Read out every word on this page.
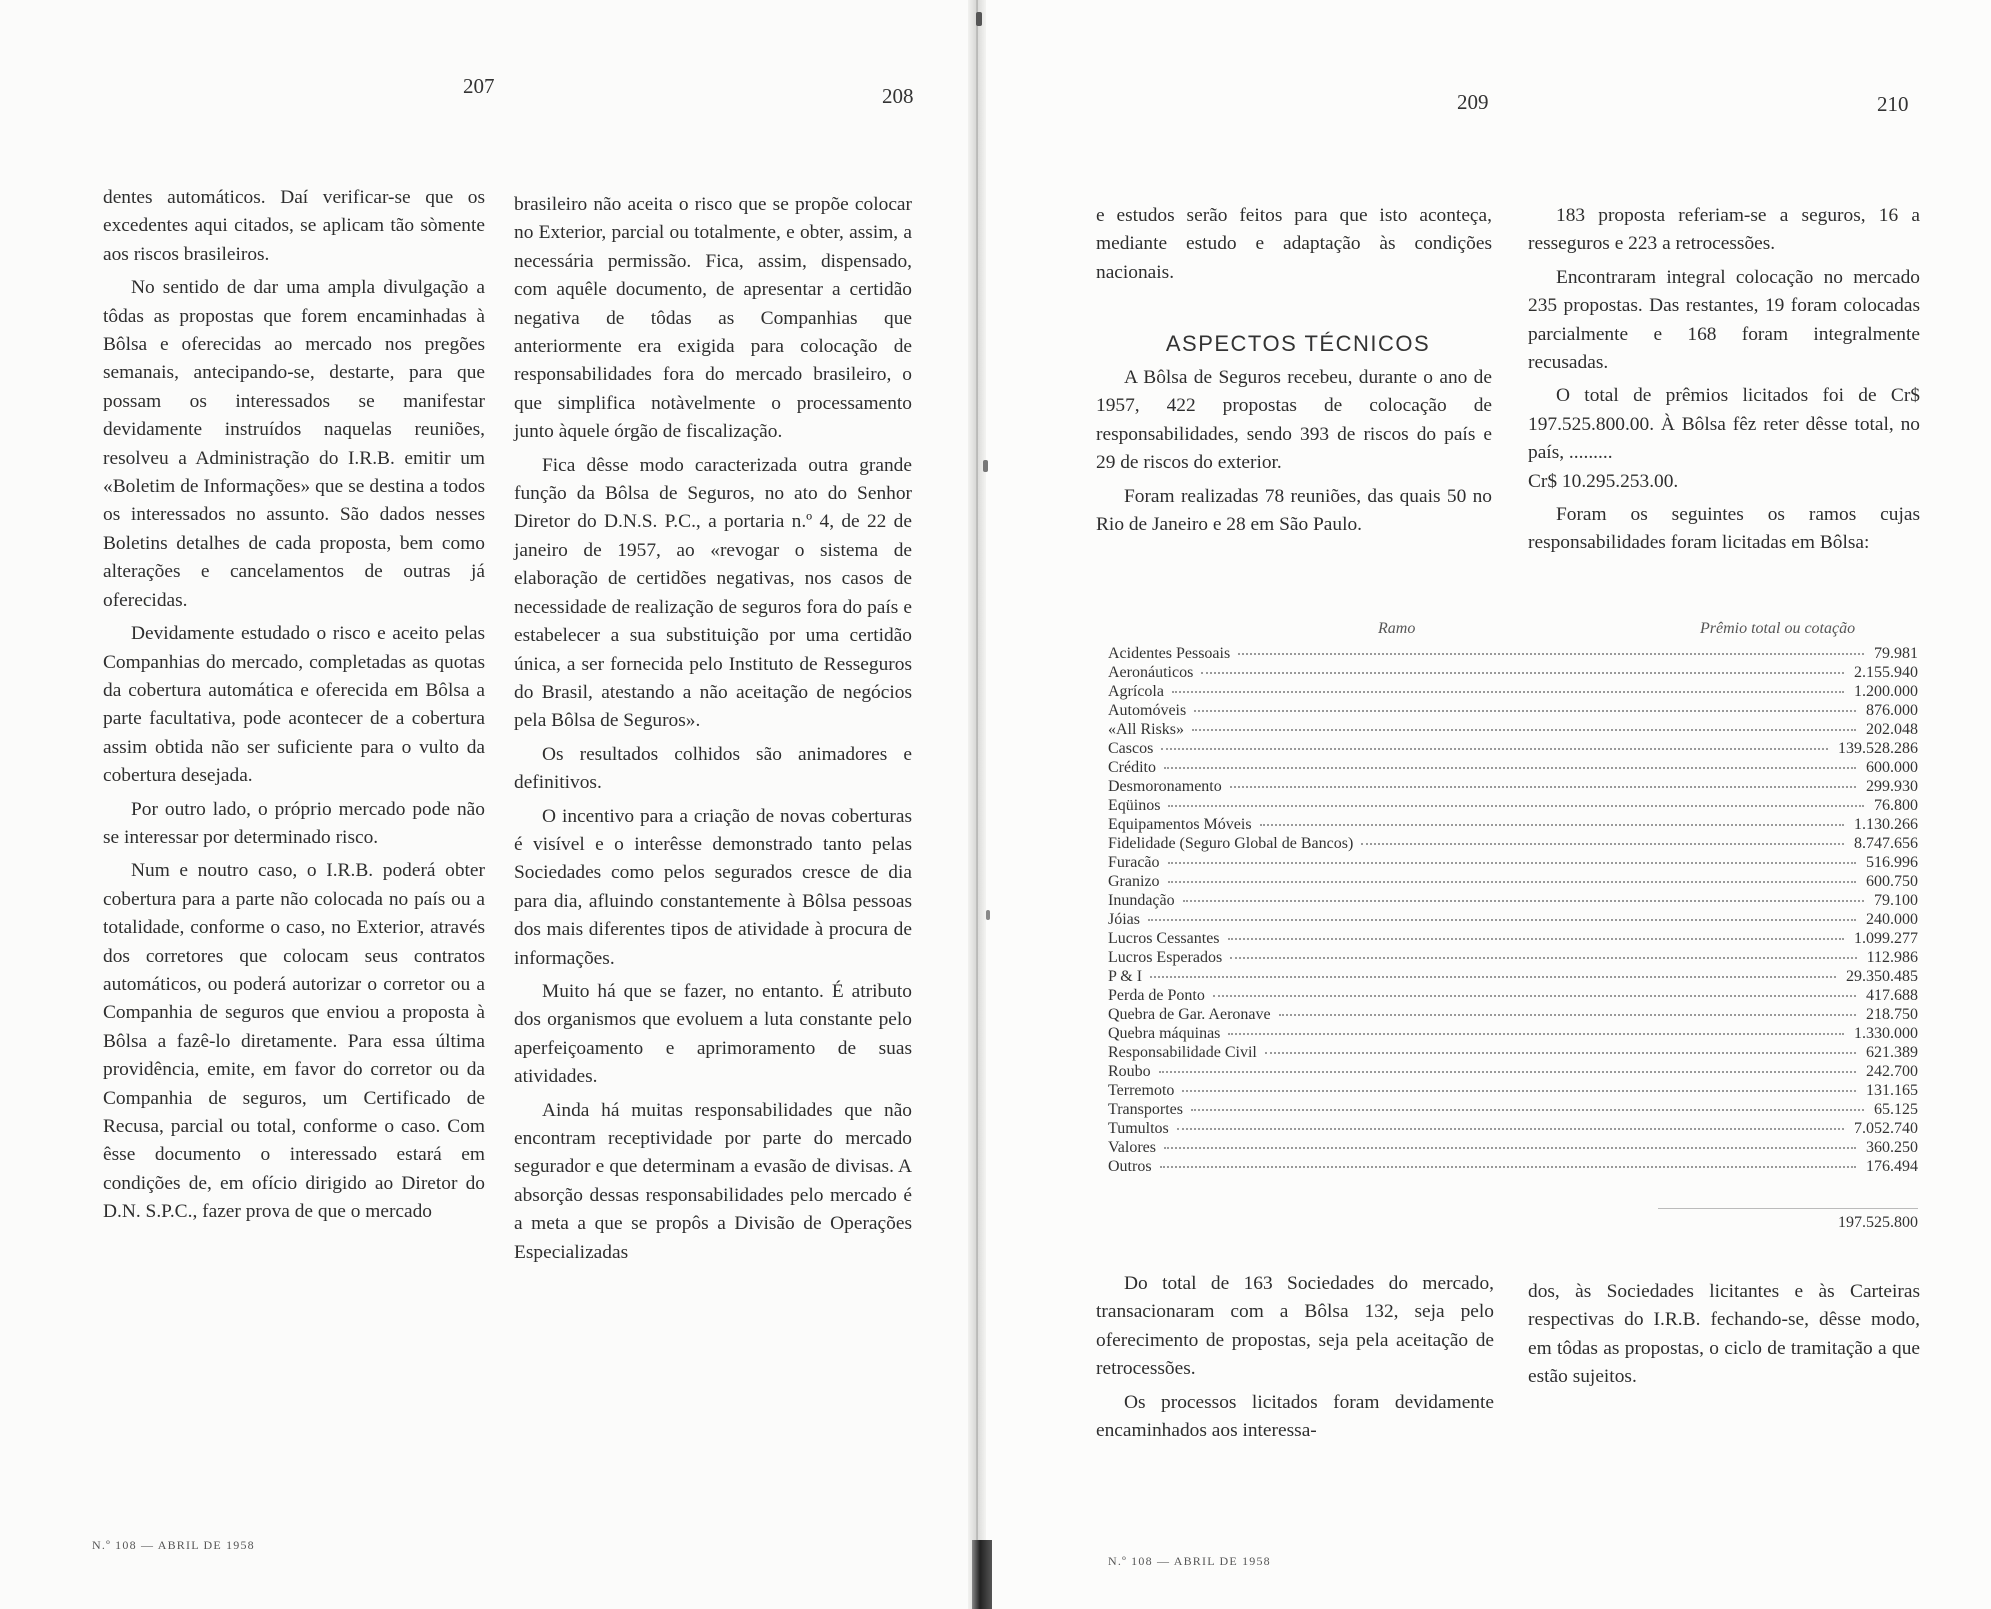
207	208	209	210

dentes automáticos. Daí verificar-se que os excedentes aqui citados, se aplicam tão sòmente aos riscos brasileiros.

No sentido de dar uma ampla divulgação a tôdas as propostas que forem encaminhadas à Bôlsa e oferecidas ao mercado nos pregões semanais, antecipando-se, destarte, para que possam os interessados se manifestar devidamente instruídos naquelas reuniões, resolveu a Administração do I.R.B. emitir um «Boletim de Informações» que se destina a todos os interessados no assunto. São dados nesses Boletins detalhes de cada proposta, bem como alterações e cancelamentos de outras já oferecidas.

Devidamente estudado o risco e aceito pelas Companhias do mercado, completadas as quotas da cobertura automática e oferecida em Bôlsa a parte facultativa, pode acontecer de a cobertura assim obtida não ser suficiente para o vulto da cobertura desejada.

Por outro lado, o próprio mercado pode não se interessar por determinado risco.

Num e noutro caso, o I.R.B. poderá obter cobertura para a parte não colocada no país ou a totalidade, conforme o caso, no Exterior, através dos corretores que colocam seus contratos automáticos, ou poderá autorizar o corretor ou a Companhia de seguros que enviou a proposta à Bôlsa a fazê-lo diretamente. Para essa última providência, emite, em favor do corretor ou da Companhia de seguros, um Certificado de Recusa, parcial ou total, conforme o caso. Com êsse documento o interessado estará em condições de, em ofício dirigido ao Diretor do D.N. S.P.C., fazer prova de que o mercado

brasileiro não aceita o risco que se propõe colocar no Exterior, parcial ou totalmente, e obter, assim, a necessária permissão. Fica, assim, dispensado, com aquêle documento, de apresentar a certidão negativa de tôdas as Companhias que anteriormente era exigida para colocação de responsabilidades fora do mercado brasileiro, o que simplifica notàvelmente o processamento junto àquele órgão de fiscalização.

Fica dêsse modo caracterizada outra grande função da Bôlsa de Seguros, no ato do Senhor Diretor do D.N.S. P.C., a portaria n.º 4, de 22 de janeiro de 1957, ao «revogar o sistema de elaboração de certidões negativas, nos casos de necessidade de realização de seguros fora do país e estabelecer a sua substituição por uma certidão única, a ser fornecida pelo Instituto de Resseguros do Brasil, atestando a não aceitação de negócios pela Bôlsa de Seguros».

Os resultados colhidos são animadores e definitivos.

O incentivo para a criação de novas coberturas é visível e o interêsse demonstrado tanto pelas Sociedades como pelos segurados cresce de dia para dia, afluindo constantemente à Bôlsa pessoas dos mais diferentes tipos de atividade à procura de informações.

Muito há que se fazer, no entanto. É atributo dos organismos que evoluem a luta constante pelo aperfeiçoamento e aprimoramento de suas atividades.

Ainda há muitas responsabilidades que não encontram receptividade por parte do mercado segurador e que determinam a evasão de divisas. A absorção dessas responsabilidades pelo mercado é a meta a que se propôs a Divisão de Operações Especializadas

e estudos serão feitos para que isto aconteça, mediante estudo e adaptação às condições nacionais.

ASPECTOS TÉCNICOS

A Bôlsa de Seguros recebeu, durante o ano de 1957, 422 propostas de colocação de responsabilidades, sendo 393 de riscos do país e 29 de riscos do exterior.

Foram realizadas 78 reuniões, das quais 50 no Rio de Janeiro e 28 em São Paulo.

183 proposta referiam-se a seguros, 16 a resseguros e 223 a retrocessões.

Encontraram integral colocação no mercado 235 propostas. Das restantes, 19 foram colocadas parcialmente e 168 foram integralmente recusadas.

O total de prêmios licitados foi de Cr$ 197.525.800.00. À Bôlsa fêz reter dêsse total, no país, .........

Cr$ 10.295.253.00.

Foram os seguintes os ramos cujas responsabilidades foram licitadas em Bôlsa:

Ramo	Prêmio total ou cotação
Acidentes Pessoais	79.981
Aeronáuticos	2.155.940
Agrícola	1.200.000
Automóveis	876.000
«All Risks»	202.048
Cascos	139.528.286
Crédito	600.000
Desmoronamento	299.930
Eqüinos	76.800
Equipamentos Móveis	1.130.266
Fidelidade (Seguro Global de Bancos)	8.747.656
Furacão	516.996
Granizo	600.750
Inundação	79.100
Jóias	240.000
Lucros Cessantes	1.099.277
Lucros Esperados	112.986
P & I	29.350.485
Perda de Ponto	417.688
Quebra de Gar. Aeronave	218.750
Quebra máquinas	1.330.000
Responsabilidade Civil	621.389
Roubo	242.700
Terremoto	131.165
Transportes	65.125
Tumultos	7.052.740
Valores	360.250
Outros	176.494
197.525.800

Do total de 163 Sociedades do mercado, transacionaram com a Bôlsa 132, seja pelo oferecimento de propostas, seja pela aceitação de retrocessões.

Os processos licitados foram devidamente encaminhados aos interessa-

dos, às Sociedades licitantes e às Carteiras respectivas do I.R.B. fechando-se, dêsse modo, em tôdas as propostas, o ciclo de tramitação a que estão sujeitos.

N.º 108 — ABRIL DE 1958
N.º 108 — ABRIL DE 1958
